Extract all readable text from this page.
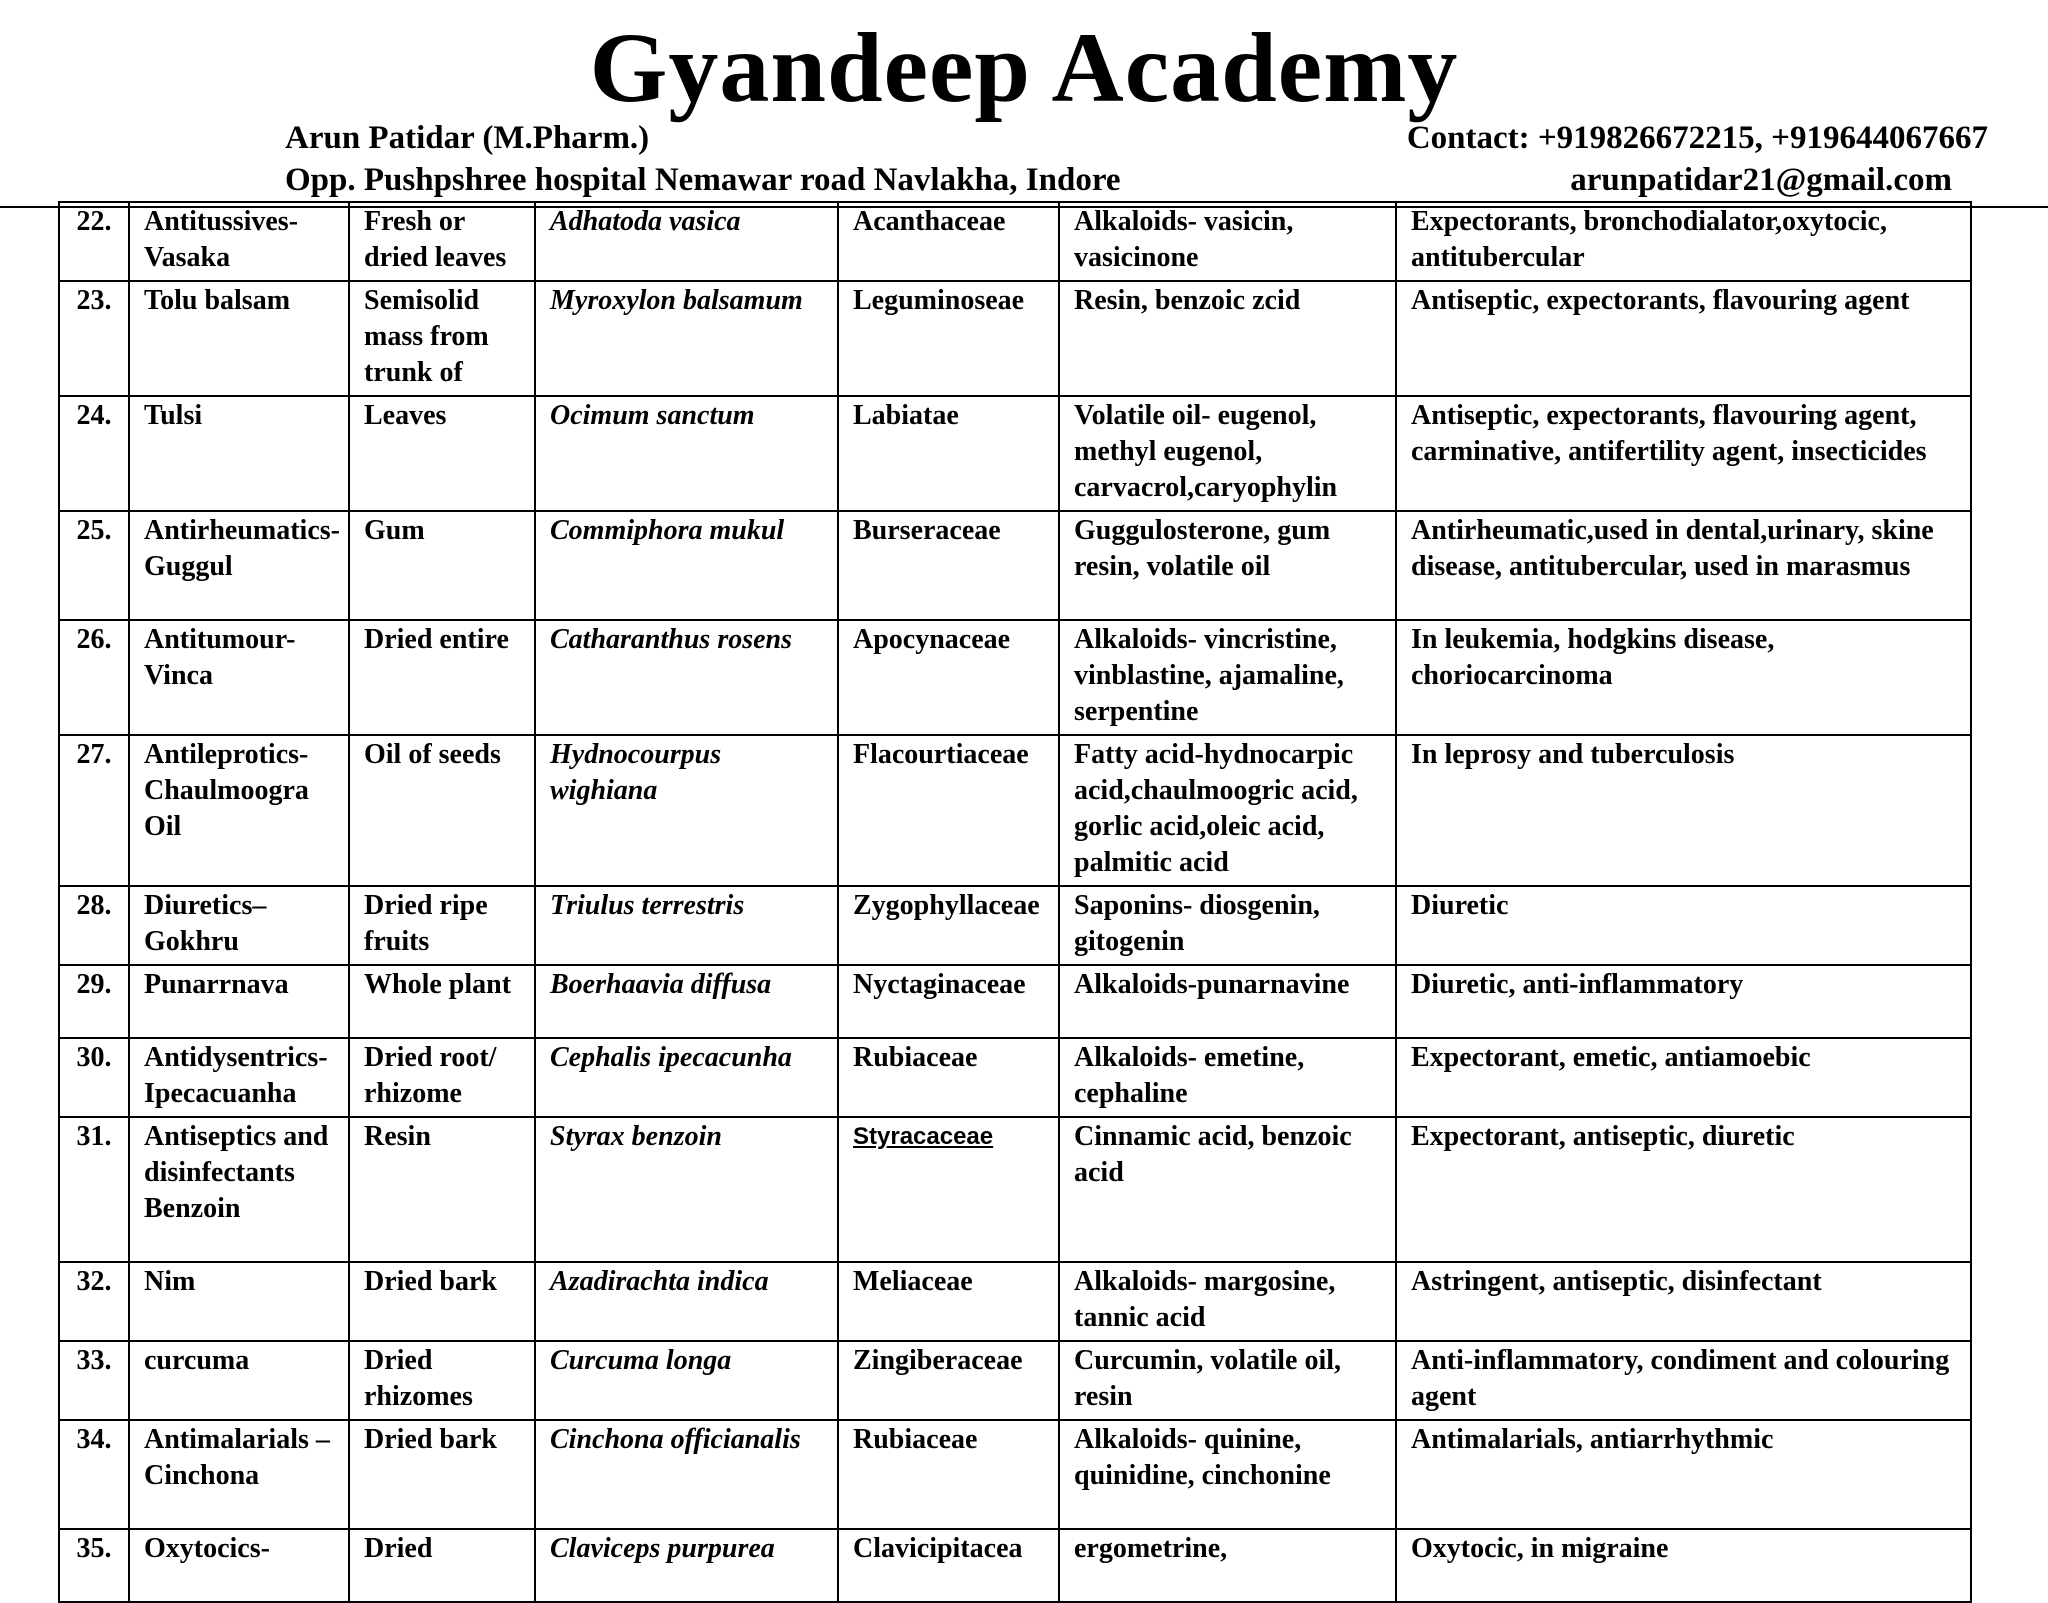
Gyandeep Academy
Arun Patidar (M.Pharm.)	Contact: +919826672215, +919644067667
Opp. Pushpshree hospital Nemawar road Navlakha, Indore	arunpatidar21@gmail.com
22.	Antitussives-Vasaka	Fresh or dried leaves	Adhatoda vasica	Acanthaceae	Alkaloids- vasicin, vasicinone	Expectorants, bronchodialator,oxytocic, antitubercular
23.	Tolu balsam	Semisolid mass from trunk of	Myroxylon balsamum	Leguminoseae	Resin, benzoic zcid	Antiseptic, expectorants, flavouring agent
24.	Tulsi	Leaves	Ocimum sanctum	Labiatae	Volatile oil- eugenol, methyl eugenol, carvacrol,caryophylin	Antiseptic, expectorants, flavouring agent, carminative, antifertility agent, insecticides
25.	Antirheumatics-Guggul	Gum	Commiphora mukul	Burseraceae	Guggulosterone, gum resin, volatile oil	Antirheumatic,used in dental,urinary, skine disease, antitubercular, used in marasmus
26.	Antitumour-Vinca	Dried entire	Catharanthus rosens	Apocynaceae	Alkaloids- vincristine, vinblastine, ajamaline, serpentine	In leukemia, hodgkins disease, choriocarcinoma
27.	Antileprotics-Chaulmoogra Oil	Oil of seeds	Hydnocourpus wighiana	Flacourtiaceae	Fatty acid-hydnocarpic acid,chaulmoogric acid, gorlic acid,oleic acid, palmitic acid	In leprosy and tuberculosis
28.	Diuretics–Gokhru	Dried ripe fruits	Triulus terrestris	Zygophyllaceae	Saponins- diosgenin, gitogenin	Diuretic
29.	Punarrnava	Whole plant	Boerhaavia diffusa	Nyctaginaceae	Alkaloids-punarnavine	Diuretic, anti-inflammatory
30.	Antidysentrics-Ipecacuanha	Dried root/ rhizome	Cephalis ipecacunha	Rubiaceae	Alkaloids- emetine, cephaline	Expectorant, emetic, antiamoebic
31.	Antiseptics and disinfectants Benzoin	Resin	Styrax benzoin	Styracaceae	Cinnamic acid, benzoic acid	Expectorant, antiseptic, diuretic
32.	Nim	Dried bark	Azadirachta indica	Meliaceae	Alkaloids- margosine, tannic acid	Astringent, antiseptic, disinfectant
33.	curcuma	Dried rhizomes	Curcuma longa	Zingiberaceae	Curcumin, volatile oil, resin	Anti-inflammatory, condiment and colouring agent
34.	Antimalarials –Cinchona	Dried bark	Cinchona officianalis	Rubiaceae	Alkaloids- quinine, quinidine, cinchonine	Antimalarials, antiarrhythmic
35.	Oxytocics-	Dried	Claviceps purpurea	Clavicipitacea	ergometrine,	Oxytocic, in migraine
